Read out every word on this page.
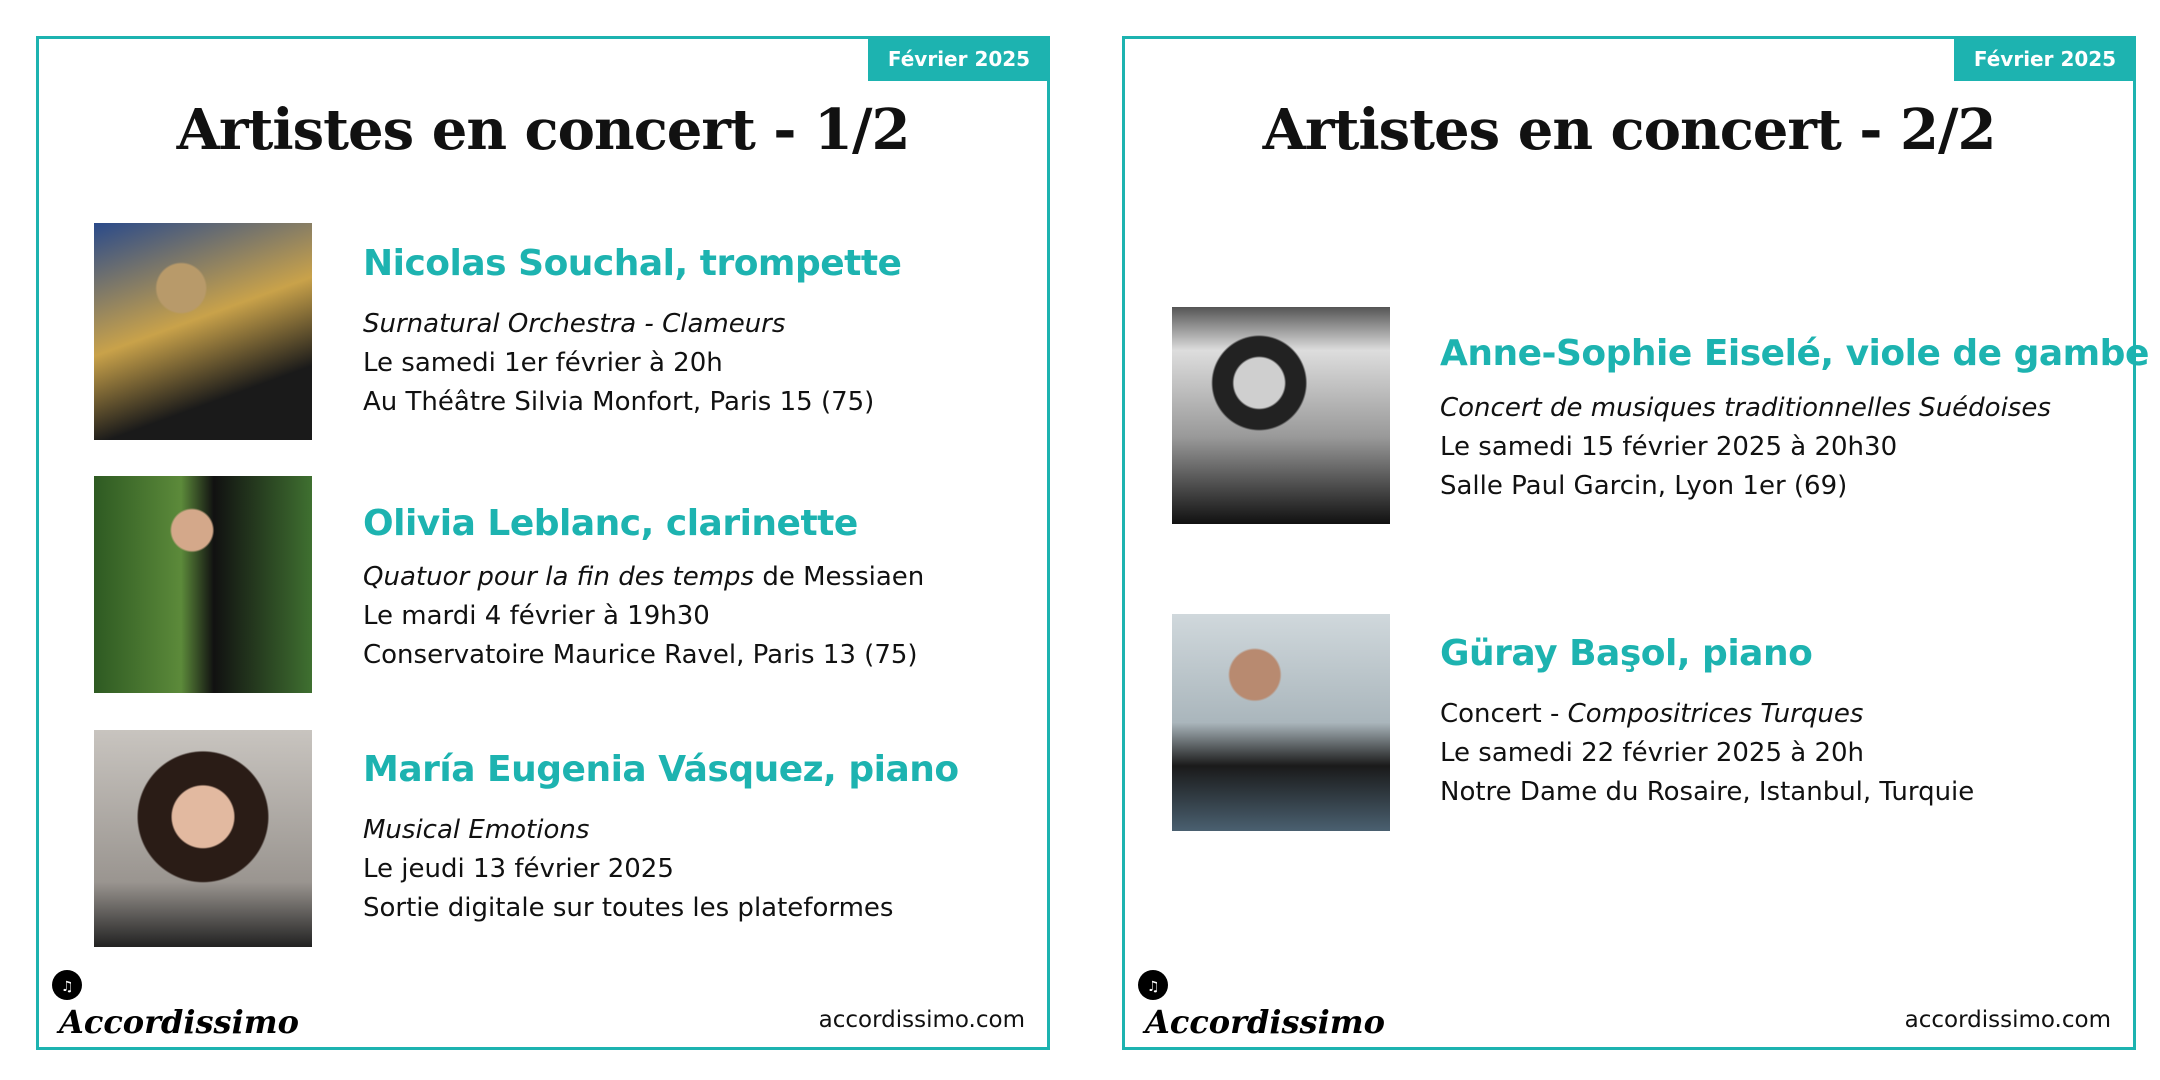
Février 2025
Artistes en concert - 1/2
Nicolas Souchal, trompette
Surnatural Orchestra - Clameurs
Le samedi 1er février à 20h
Au Théâtre Silvia Monfort, Paris 15 (75)
Olivia Leblanc, clarinette
Quatuor pour la fin des temps de Messiaen
Le mardi 4 février à 19h30
Conservatoire Maurice Ravel, Paris 13 (75)
María Eugenia Vásquez, piano
Musical Emotions
Le jeudi 13 février 2025
Sortie digitale sur toutes les plateformes
♫
Accordissimo	accordissimo.com
Février 2025
Artistes en concert - 2/2
Anne-Sophie Eiselé, viole de gambe
Concert de musiques traditionnelles Suédoises
Le samedi 15 février 2025 à 20h30
Salle Paul Garcin, Lyon 1er (69)
Güray Başol, piano
Concert - Compositrices Turques
Le samedi 22 février 2025 à 20h
Notre Dame du Rosaire, Istanbul, Turquie
♫
Accordissimo	accordissimo.com
